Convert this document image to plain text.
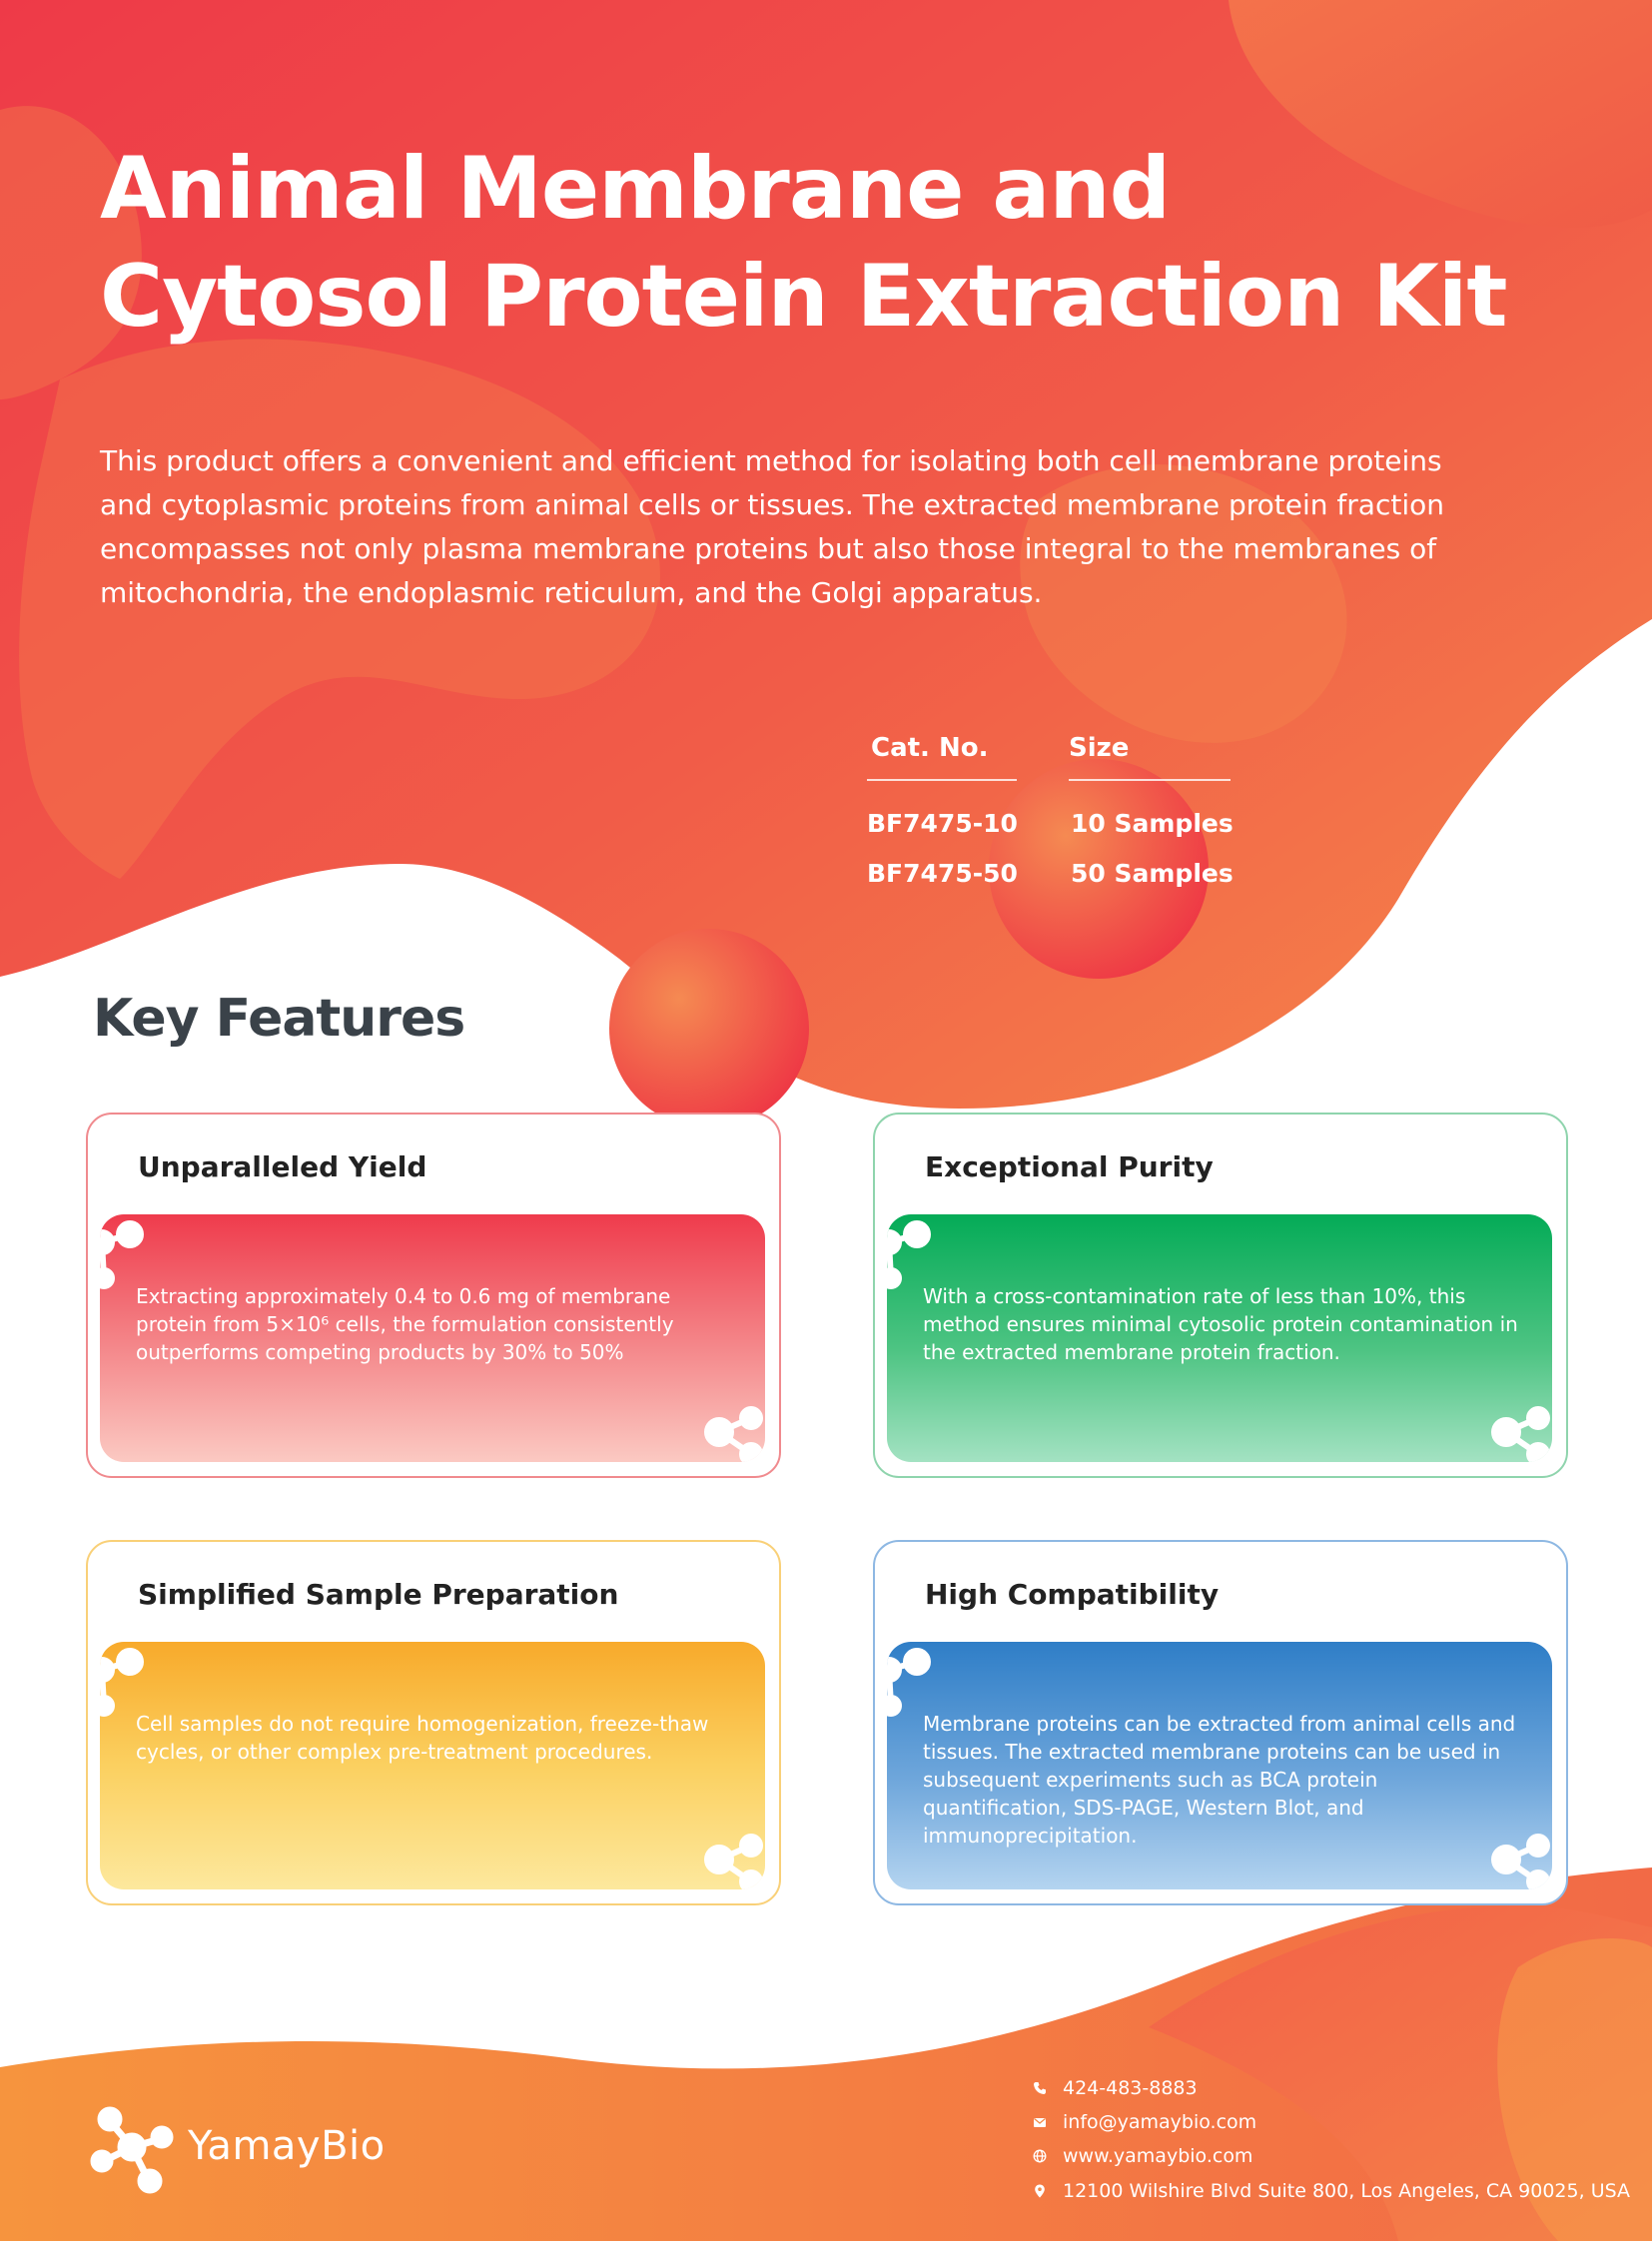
Animal Membrane and
Cytosol Protein Extraction Kit

This product offers a convenient and efficient method for isolating both cell membrane proteins and cytoplasmic proteins from animal cells or tissues. The extracted membrane protein fraction encompasses not only plasma membrane proteins but also those integral to the membranes of mitochondria, the endoplasmic reticulum, and the Golgi apparatus.

Cat. No.	Size
BF7475-10 10 Samples
BF7475-50 50 Samples
Key Features
Unparalleled Yield

Extracting approximately 0.4 to 0.6 mg of membrane protein from 5×10⁶ cells, the formulation consistently outperforms competing products by 30% to 50%

Exceptional Purity

With a cross-contamination rate of less than 10%, this method ensures minimal cytosolic protein contamination in the extracted membrane protein fraction.

Simplified Sample Preparation

Cell samples do not require homogenization, freeze-thaw cycles, or other complex pre-treatment procedures.

High Compatibility

Membrane proteins can be extracted from animal cells and tissues. The extracted membrane proteins can be used in subsequent experiments such as BCA protein quantification, SDS-PAGE, Western Blot, and immunoprecipitation.

YamayBio
424-483-8883
info@yamaybio.com
www.yamaybio.com
12100 Wilshire Blvd Suite 800, Los Angeles, CA 90025, USA
